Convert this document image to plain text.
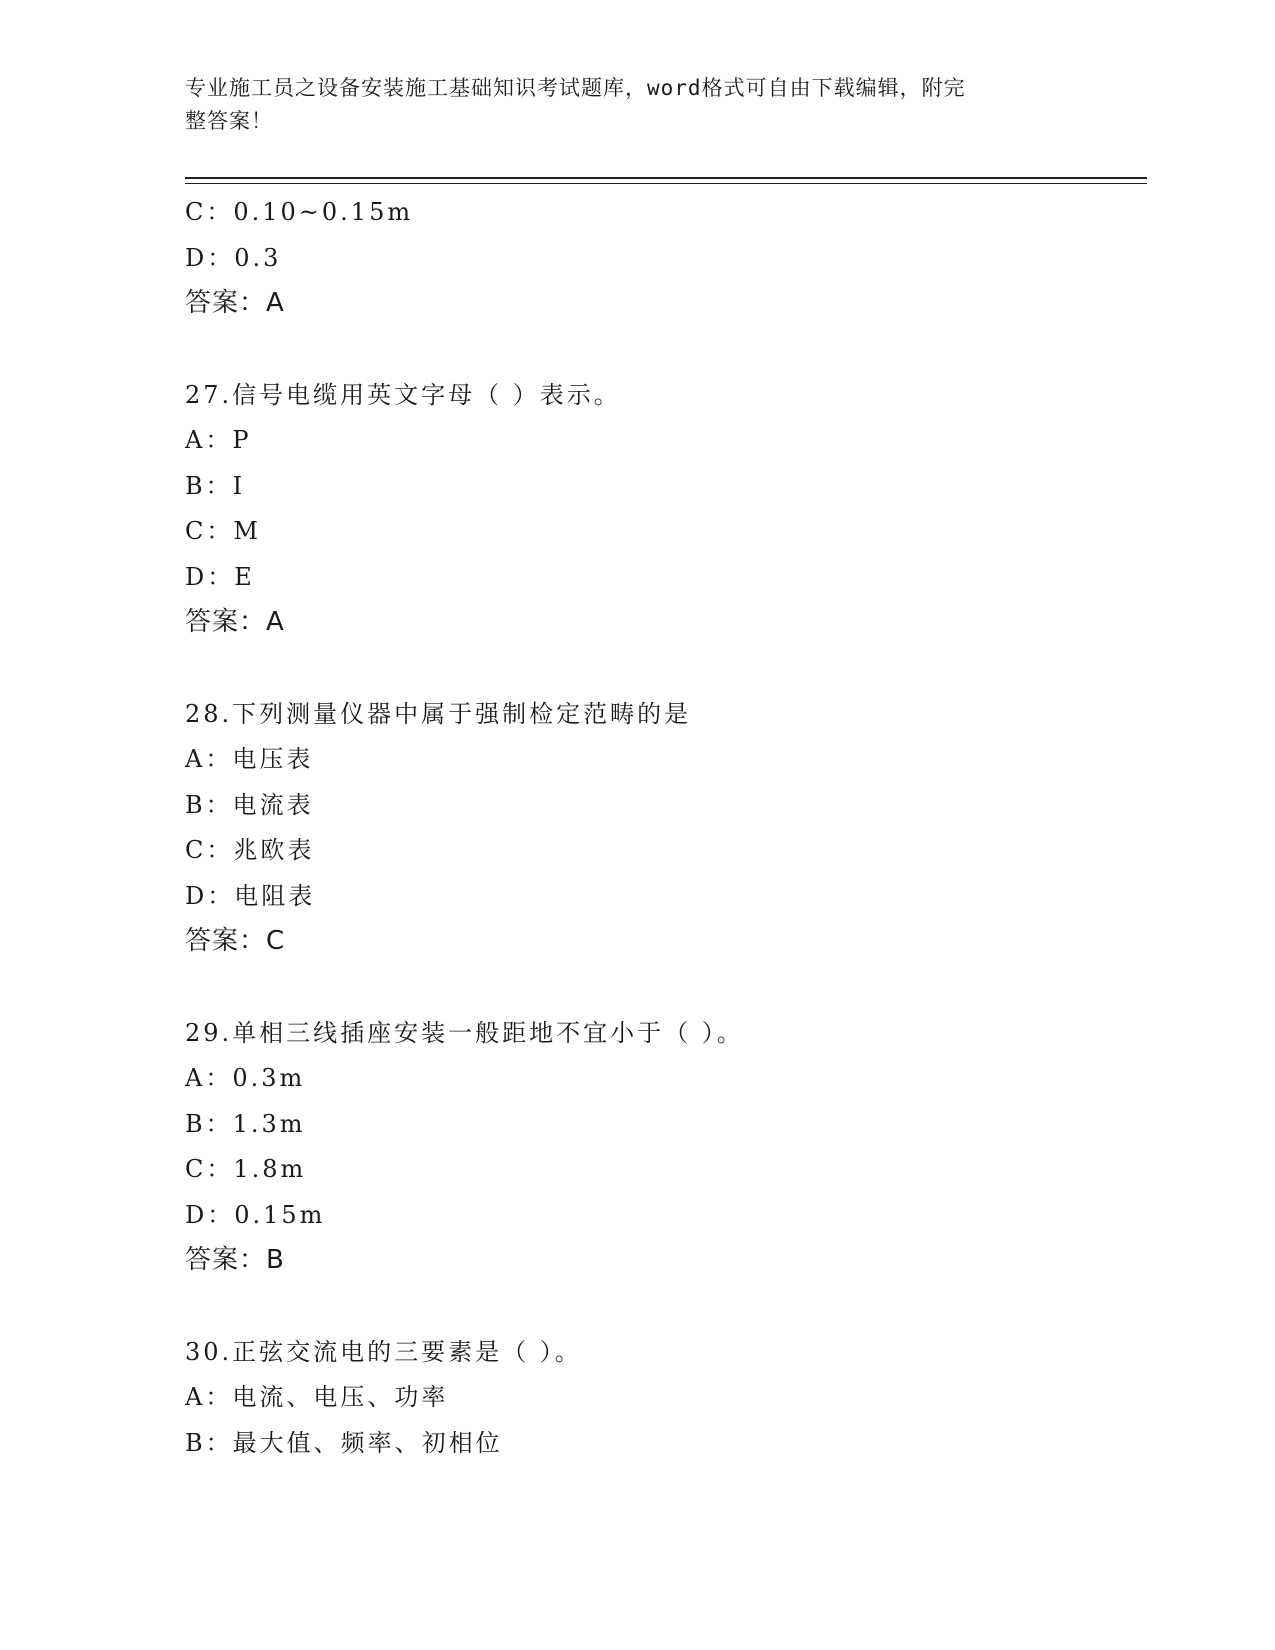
专业施工员之设备安装施工基础知识考试题库，word格式可自由下载编辑，附完
整答案！
C：0.10~0.15m
D：0.3
答案：A
27.信号电缆用英文字母（ ）表示。
A：P
B：I
C：M
D：E
答案：A
28.下列测量仪器中属于强制检定范畴的是
A：电压表
B：电流表
C：兆欧表
D：电阻表
答案：C
29.单相三线插座安装一般距地不宜小于（ ）。
A：0.3m
B：1.3m
C：1.8m
D：0.15m
答案：B
30.正弦交流电的三要素是（ ）。
A：电流、电压、功率
B：最大值、频率、初相位
